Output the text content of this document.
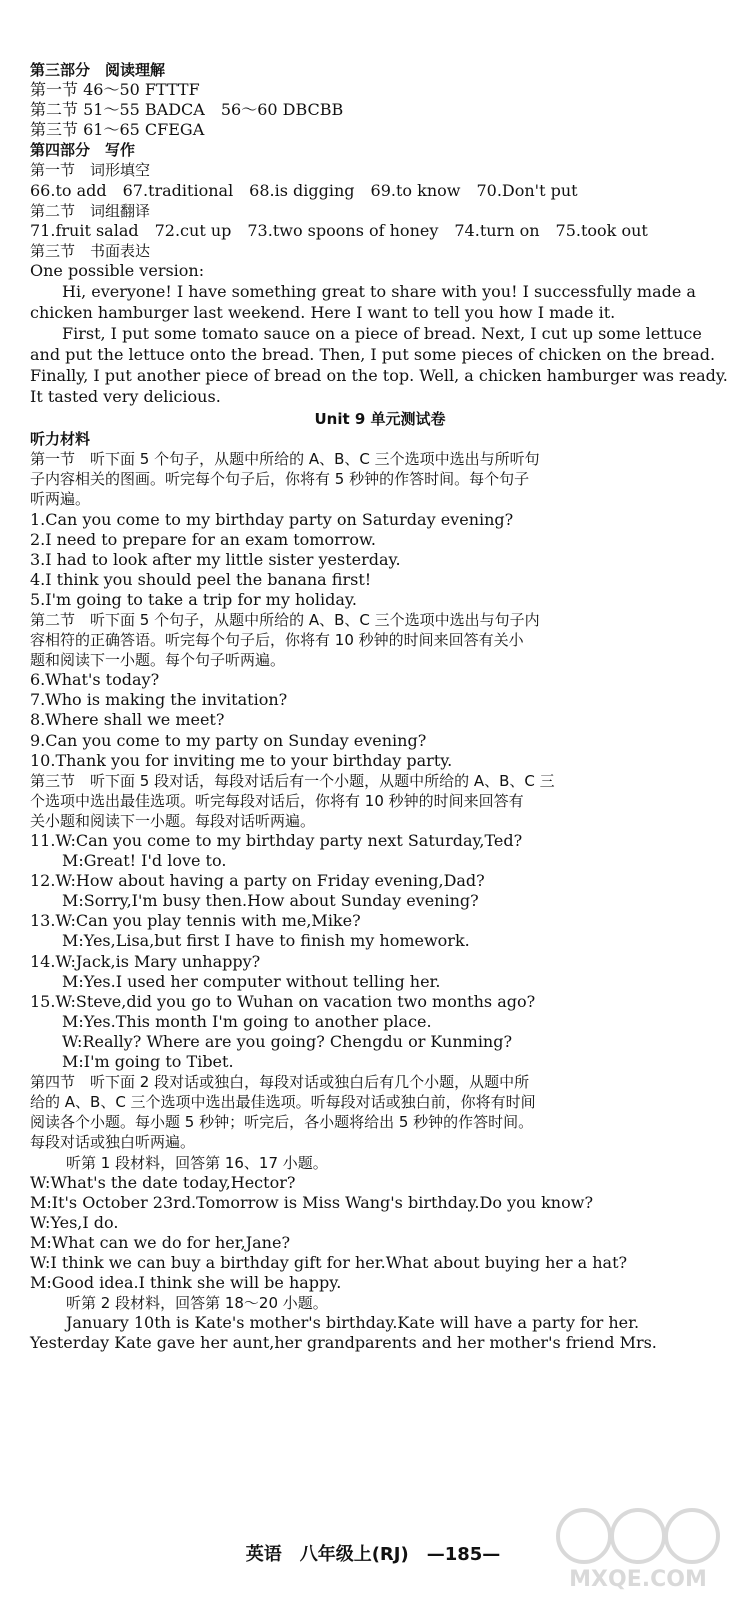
第三部分　阅读理解
第一节 46～50 FTTTF
第二节 51～55 BADCA　56～60 DBCBB
第三节 61～65 CFEGA
第四部分　写作
第一节　词形填空
66.to add　67.traditional　68.is digging　69.to know　70.Don't put
第二节　词组翻译
71.fruit salad　72.cut up　73.two spoons of honey　74.turn on　75.took out
第三节　书面表达
One possible version:
Hi, everyone! I have something great to share with you! I successfully made a chicken hamburger last weekend. Here I want to tell you how I made it.
First, I put some tomato sauce on a piece of bread. Next, I cut up some lettuce and put the lettuce onto the bread. Then, I put some pieces of chicken on the bread. Finally, I put another piece of bread on the top. Well, a chicken hamburger was ready. It tasted very delicious.
Unit 9 单元测试卷
听力材料
第一节　听下面 5 个句子，从题中所给的 A、B、C 三个选项中选出与所听句
子内容相关的图画。听完每个句子后，你将有 5 秒钟的作答时间。每个句子
听两遍。
1.Can you come to my birthday party on Saturday evening?
2.I need to prepare for an exam tomorrow.
3.I had to look after my little sister yesterday.
4.I think you should peel the banana first!
5.I'm going to take a trip for my holiday.
第二节　听下面 5 个句子，从题中所给的 A、B、C 三个选项中选出与句子内
容相符的正确答语。听完每个句子后，你将有 10 秒钟的时间来回答有关小
题和阅读下一小题。每个句子听两遍。
6.What's today?
7.Who is making the invitation?
8.Where shall we meet?
9.Can you come to my party on Sunday evening?
10.Thank you for inviting me to your birthday party.
第三节　听下面 5 段对话，每段对话后有一个小题，从题中所给的 A、B、C 三
个选项中选出最佳选项。听完每段对话后，你将有 10 秒钟的时间来回答有
关小题和阅读下一小题。每段对话听两遍。
11.W:Can you come to my birthday party next Saturday,Ted?
M:Great! I'd love to.
12.W:How about having a party on Friday evening,Dad?
M:Sorry,I'm busy then.How about Sunday evening?
13.W:Can you play tennis with me,Mike?
M:Yes,Lisa,but first I have to finish my homework.
14.W:Jack,is Mary unhappy?
M:Yes.I used her computer without telling her.
15.W:Steve,did you go to Wuhan on vacation two months ago?
M:Yes.This month I'm going to another place.
W:Really? Where are you going? Chengdu or Kunming?
M:I'm going to Tibet.
第四节　听下面 2 段对话或独白，每段对话或独白后有几个小题，从题中所
给的 A、B、C 三个选项中选出最佳选项。听每段对话或独白前，你将有时间
阅读各个小题。每小题 5 秒钟；听完后，各小题将给出 5 秒钟的作答时间。
每段对话或独白听两遍。
听第 1 段材料，回答第 16、17 小题。
W:What's the date today,Hector?
M:It's October 23rd.Tomorrow is Miss Wang's birthday.Do you know?
W:Yes,I do.
M:What can we do for her,Jane?
W:I think we can buy a birthday gift for her.What about buying her a hat?
M:Good idea.I think she will be happy.
听第 2 段材料，回答第 18～20 小题。
January 10th is Kate's mother's birthday.Kate will have a party for her.
Yesterday Kate gave her aunt,her grandparents and her mother's friend Mrs.
MXQE.COM
英语　八年级上(RJ)　—185—
